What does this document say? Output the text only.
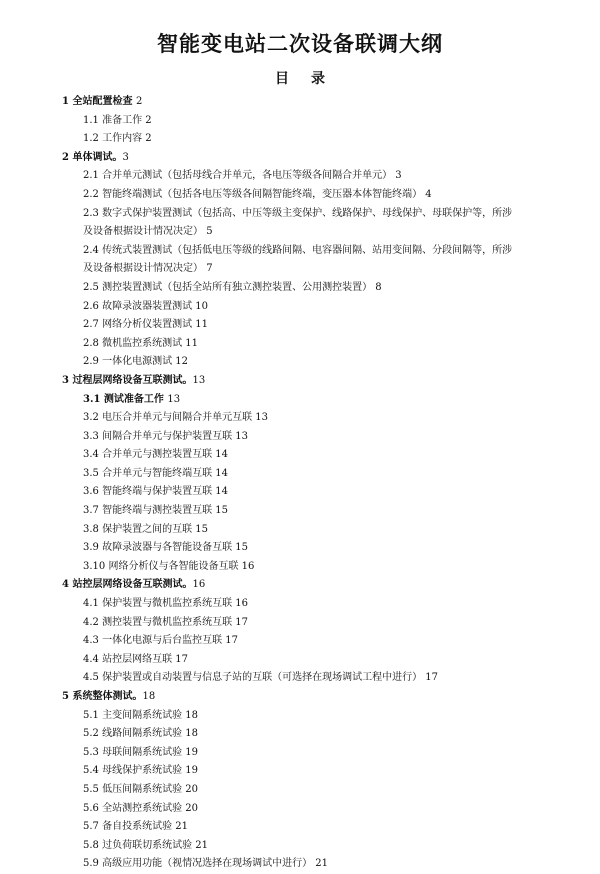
智能变电站二次设备联调大纲
目录
1 全站配置检查 2
1.1 准备工作 2
1.2 工作内容 2
2 单体调试。3
2.1 合并单元测试（包括母线合并单元，各电压等级各间隔合并单元） 3
2.2 智能终端测试（包括各电压等级各间隔智能终端，变压器本体智能终端） 4
2.3 数字式保护装置测试（包括高、中压等级主变保护、线路保护、母线保护、母联保护等，所涉
及设备根据设计情况决定） 5
2.4 传统式装置测试（包括低电压等级的线路间隔、电容器间隔、站用变间隔、分段间隔等，所涉
及设备根据设计情况决定） 7
2.5 测控装置测试（包括全站所有独立测控装置、公用测控装置） 8
2.6 故障录波器装置测试 10
2.7 网络分析仪装置测试 11
2.8 微机监控系统测试 11
2.9 一体化电源测试 12
3 过程层网络设备互联测试。13
3.1 测试准备工作 13
3.2 电压合并单元与间隔合并单元互联 13
3.3 间隔合并单元与保护装置互联 13
3.4 合并单元与测控装置互联 14
3.5 合并单元与智能终端互联 14
3.6 智能终端与保护装置互联 14
3.7 智能终端与测控装置互联 15
3.8 保护装置之间的互联 15
3.9 故障录波器与各智能设备互联 15
3.10 网络分析仪与各智能设备互联 16
4 站控层网络设备互联测试。16
4.1 保护装置与微机监控系统互联 16
4.2 测控装置与微机监控系统互联 17
4.3 一体化电源与后台监控互联 17
4.4 站控层网络互联 17
4.5 保护装置或自动装置与信息子站的互联（可选择在现场调试工程中进行） 17
5 系统整体测试。18
5.1 主变间隔系统试验 18
5.2 线路间隔系统试验 18
5.3 母联间隔系统试验 19
5.4 母线保护系统试验 19
5.5 低压间隔系统试验 20
5.6 全站测控系统试验 20
5.7 备自投系统试验 21
5.8 过负荷联切系统试验 21
5.9 高级应用功能（视情况选择在现场调试中进行） 21
